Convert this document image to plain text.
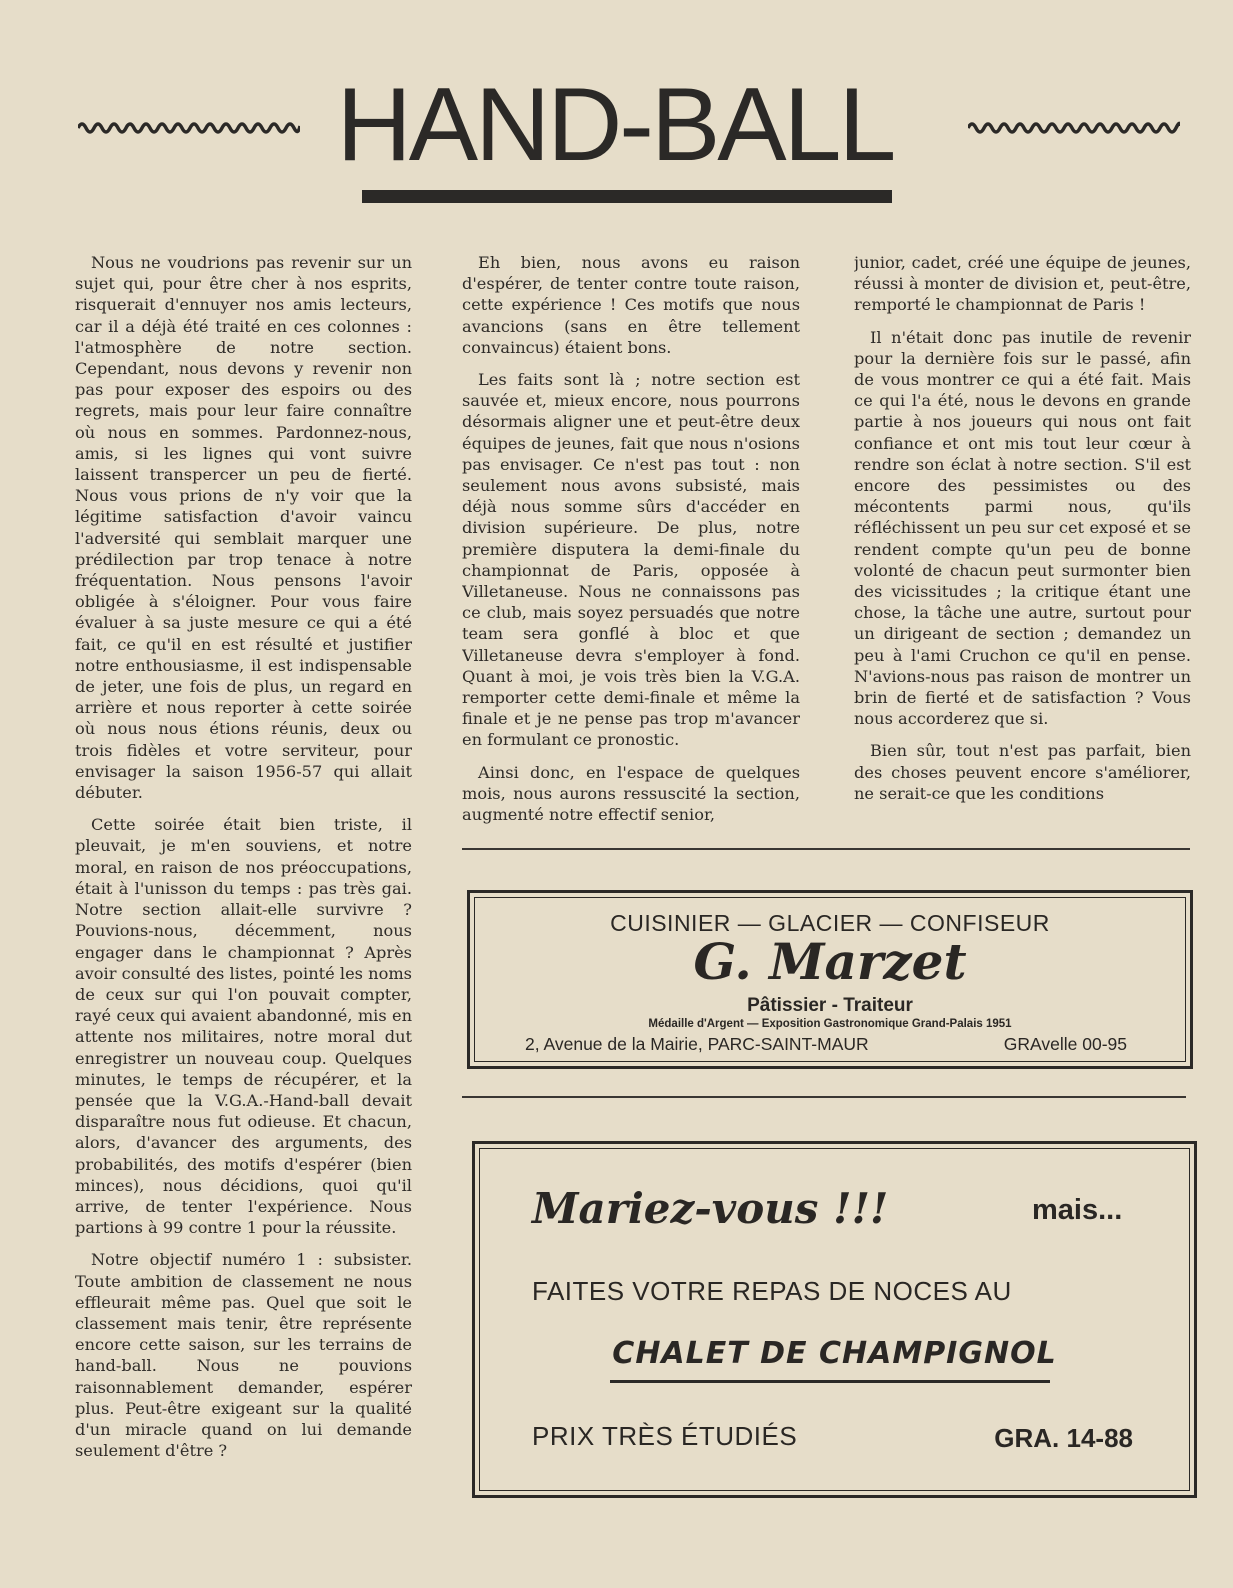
HAND-BALL

Nous ne voudrions pas revenir sur un sujet qui, pour être cher à nos esprits, risquerait d'ennuyer nos amis lecteurs, car il a déjà été traité en ces colonnes : l'atmosphère de notre section. Cependant, nous devons y revenir non pas pour exposer des espoirs ou des regrets, mais pour leur faire connaître où nous en sommes. Pardonnez-nous, amis, si les lignes qui vont suivre laissent transpercer un peu de fierté. Nous vous prions de n'y voir que la légitime satisfaction d'avoir vaincu l'adversité qui semblait marquer une prédilection par trop tenace à notre fréquentation. Nous pensons l'avoir obligée à s'éloigner. Pour vous faire évaluer à sa juste mesure ce qui a été fait, ce qu'il en est résulté et justifier notre enthousiasme, il est indispensable de jeter, une fois de plus, un regard en arrière et nous reporter à cette soirée où nous nous étions réunis, deux ou trois fidèles et votre serviteur, pour envisager la saison 1956-57 qui allait débuter.

Cette soirée était bien triste, il pleuvait, je m'en souviens, et notre moral, en raison de nos préoccupations, était à l'unisson du temps : pas très gai. Notre section allait-elle survivre ? Pouvions-nous, décemment, nous engager dans le championnat ? Après avoir consulté des listes, pointé les noms de ceux sur qui l'on pouvait compter, rayé ceux qui avaient abandonné, mis en attente nos militaires, notre moral dut enregistrer un nouveau coup. Quelques minutes, le temps de récupérer, et la pensée que la V.G.A.-Hand-ball devait disparaître nous fut odieuse. Et chacun, alors, d'avancer des arguments, des probabilités, des motifs d'espérer (bien minces), nous décidions, quoi qu'il arrive, de tenter l'expérience. Nous partions à 99 contre 1 pour la réussite.

Notre objectif numéro 1 : subsister. Toute ambition de classement ne nous effleurait même pas. Quel que soit le classement mais tenir, être représente encore cette saison, sur les terrains de hand-ball. Nous ne pouvions raisonnablement demander, espérer plus. Peut-être exigeant sur la qualité d'un miracle quand on lui demande seulement d'être ?

Eh bien, nous avons eu raison d'espérer, de tenter contre toute raison, cette expérience ! Ces motifs que nous avancions (sans en être tellement convaincus) étaient bons.

Les faits sont là ; notre section est sauvée et, mieux encore, nous pourrons désormais aligner une et peut-être deux équipes de jeunes, fait que nous n'osions pas envisager. Ce n'est pas tout : non seulement nous avons subsisté, mais déjà nous somme sûrs d'accéder en division supérieure. De plus, notre première disputera la demi-finale du championnat de Paris, opposée à Villetaneuse. Nous ne connaissons pas ce club, mais soyez persuadés que notre team sera gonflé à bloc et que Villetaneuse devra s'employer à fond. Quant à moi, je vois très bien la V.G.A. remporter cette demi-finale et même la finale et je ne pense pas trop m'avancer en formulant ce pronostic.

Ainsi donc, en l'espace de quelques mois, nous aurons ressuscité la section, augmenté notre effectif senior,

junior, cadet, créé une équipe de jeunes, réussi à monter de division et, peut-être, remporté le championnat de Paris !

Il n'était donc pas inutile de revenir pour la dernière fois sur le passé, afin de vous montrer ce qui a été fait. Mais ce qui l'a été, nous le devons en grande partie à nos joueurs qui nous ont fait confiance et ont mis tout leur cœur à rendre son éclat à notre section. S'il est encore des pessimistes ou des mécontents parmi nous, qu'ils réfléchissent un peu sur cet exposé et se rendent compte qu'un peu de bonne volonté de chacun peut surmonter bien des vicissitudes ; la critique étant une chose, la tâche une autre, surtout pour un dirigeant de section ; demandez un peu à l'ami Cruchon ce qu'il en pense. N'avions-nous pas raison de montrer un brin de fierté et de satisfaction ? Vous nous accorderez que si.

Bien sûr, tout n'est pas parfait, bien des choses peuvent encore s'améliorer, ne serait-ce que les conditions

CUISINIER — GLACIER — CONFISEUR
G. Marzet
Pâtissier - Traiteur
Médaille d'Argent — Exposition Gastronomique Grand-Palais 1951
2, Avenue de la Mairie, PARC-SAINT-MAUR	GRAvelle 00-95
Mariez-vous !!!	mais...
FAITES VOTRE REPAS DE NOCES AU
CHALET DE CHAMPIGNOL
PRIX TRÈS ÉTUDIÉS	GRA. 14-88
